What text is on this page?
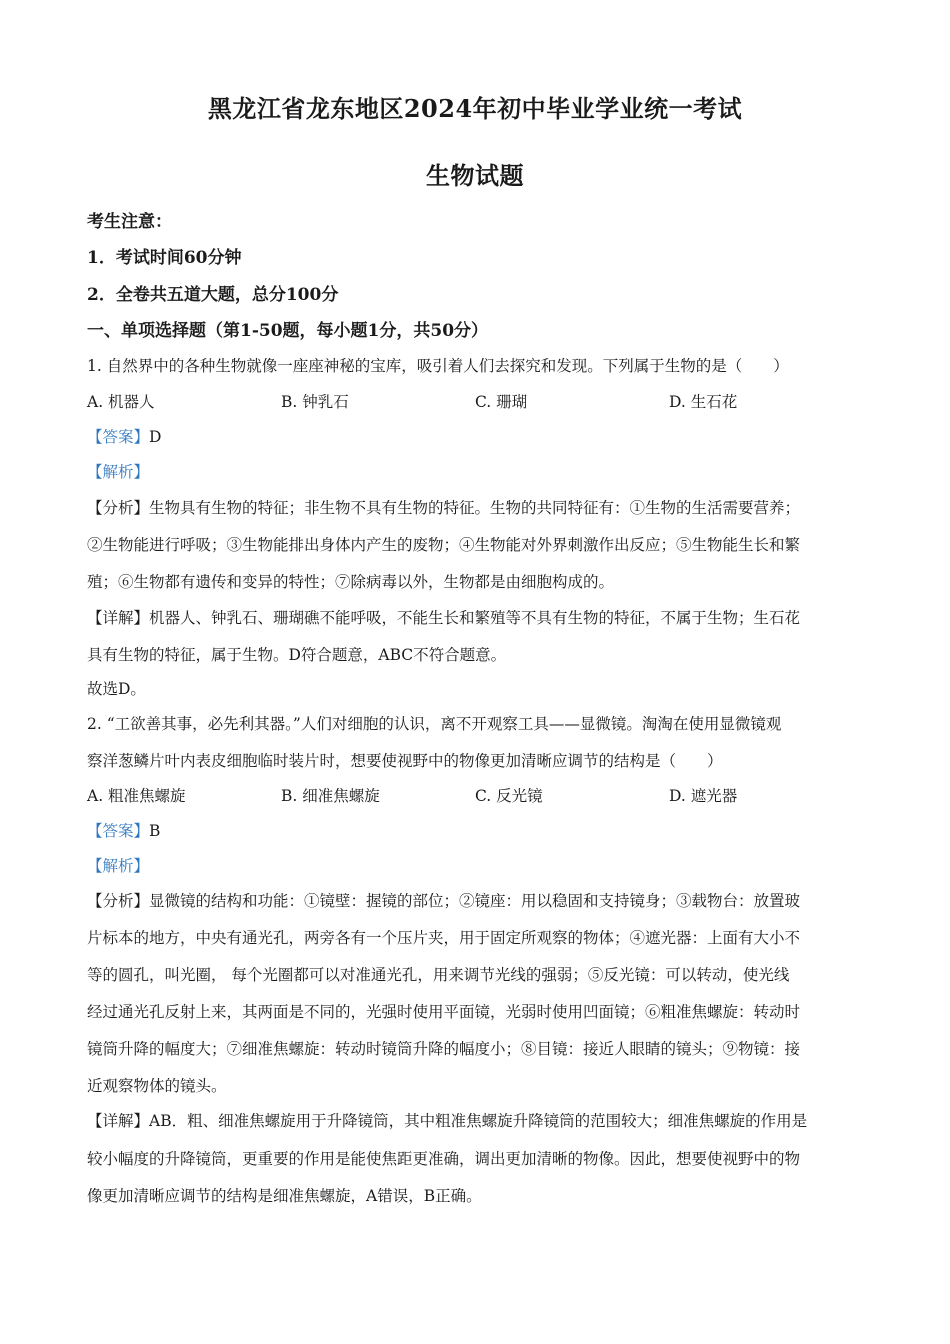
黑龙江省龙东地区2024年初中毕业学业统一考试
生物试题
考生注意：
1．考试时间60分钟
2．全卷共五道大题，总分100分
一、单项选择题（第1-50题，每小题1分，共50分）
1. 自然界中的各种生物就像一座座神秘的宝库，吸引着人们去探究和发现。下列属于生物的是（　　）
A. 机器人	B. 钟乳石	C. 珊瑚	D. 生石花
【答案】D
【解析】
【分析】生物具有生物的特征；非生物不具有生物的特征。生物的共同特征有：①生物的生活需要营养；
②生物能进行呼吸；③生物能排出身体内产生的废物；④生物能对外界刺激作出反应；⑤生物能生长和繁
殖；⑥生物都有遗传和变异的特性；⑦除病毒以外，生物都是由细胞构成的。
【详解】机器人、钟乳石、珊瑚礁不能呼吸，不能生长和繁殖等不具有生物的特征，不属于生物；生石花
具有生物的特征，属于生物。D符合题意，ABC不符合题意。
故选D。
2. “工欲善其事，必先利其器。”人们对细胞的认识，离不开观察工具——显微镜。淘淘在使用显微镜观
察洋葱鳞片叶内表皮细胞临时装片时，想要使视野中的物像更加清晰应调节的结构是（　　）
A. 粗准焦螺旋	B. 细准焦螺旋	C. 反光镜	D. 遮光器
【答案】B
【解析】
【分析】显微镜的结构和功能：①镜壁：握镜的部位；②镜座：用以稳固和支持镜身；③载物台：放置玻
片标本的地方，中央有通光孔，两旁各有一个压片夹，用于固定所观察的物体；④遮光器：上面有大小不
等的圆孔，叫光圈， 每个光圈都可以对准通光孔，用来调节光线的强弱；⑤反光镜：可以转动，使光线
经过通光孔反射上来，其两面是不同的，光强时使用平面镜，光弱时使用凹面镜；⑥粗准焦螺旋：转动时
镜筒升降的幅度大；⑦细准焦螺旋：转动时镜筒升降的幅度小；⑧目镜：接近人眼睛的镜头；⑨物镜：接
近观察物体的镜头。
【详解】AB．粗、细准焦螺旋用于升降镜筒，其中粗准焦螺旋升降镜筒的范围较大；细准焦螺旋的作用是
较小幅度的升降镜筒，更重要的作用是能使焦距更准确，调出更加清晰的物像。因此，想要使视野中的物
像更加清晰应调节的结构是细准焦螺旋，A错误，B正确。
